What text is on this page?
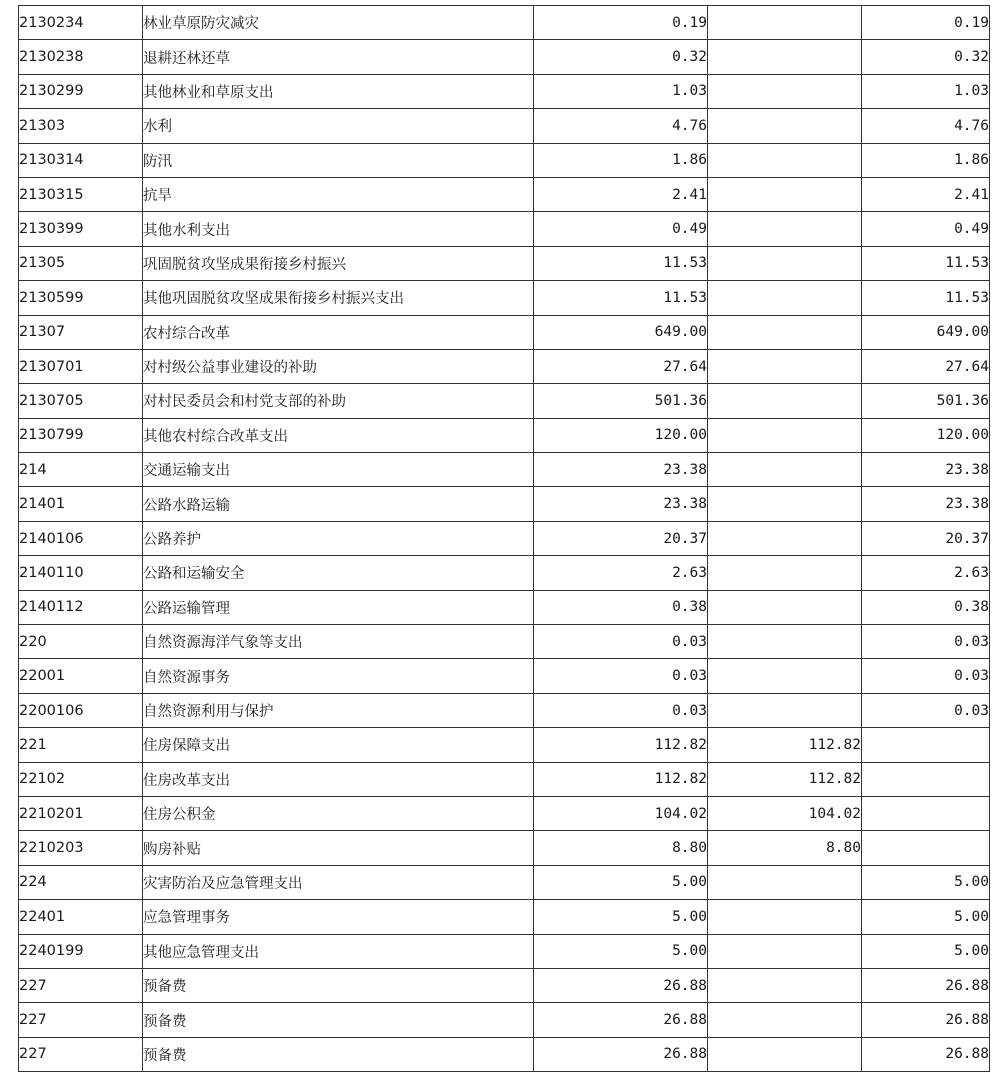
2130234	林业草原防灾减灾	0.19		0.19
2130238	退耕还林还草	0.32		0.32
2130299	其他林业和草原支出	1.03		1.03
21303	水利	4.76		4.76
2130314	防汛	1.86		1.86
2130315	抗旱	2.41		2.41
2130399	其他水利支出	0.49		0.49
21305	巩固脱贫攻坚成果衔接乡村振兴	11.53		11.53
2130599	其他巩固脱贫攻坚成果衔接乡村振兴支出	11.53		11.53
21307	农村综合改革	649.00		649.00
2130701	对村级公益事业建设的补助	27.64		27.64
2130705	对村民委员会和村党支部的补助	501.36		501.36
2130799	其他农村综合改革支出	120.00		120.00
214	交通运输支出	23.38		23.38
21401	公路水路运输	23.38		23.38
2140106	公路养护	20.37		20.37
2140110	公路和运输安全	2.63		2.63
2140112	公路运输管理	0.38		0.38
220	自然资源海洋气象等支出	0.03		0.03
22001	自然资源事务	0.03		0.03
2200106	自然资源利用与保护	0.03		0.03
221	住房保障支出	112.82	112.82	
22102	住房改革支出	112.82	112.82	
2210201	住房公积金	104.02	104.02	
2210203	购房补贴	8.80	8.80	
224	灾害防治及应急管理支出	5.00		5.00
22401	应急管理事务	5.00		5.00
2240199	其他应急管理支出	5.00		5.00
227	预备费	26.88		26.88
227	预备费	26.88		26.88
227	预备费	26.88		26.88
